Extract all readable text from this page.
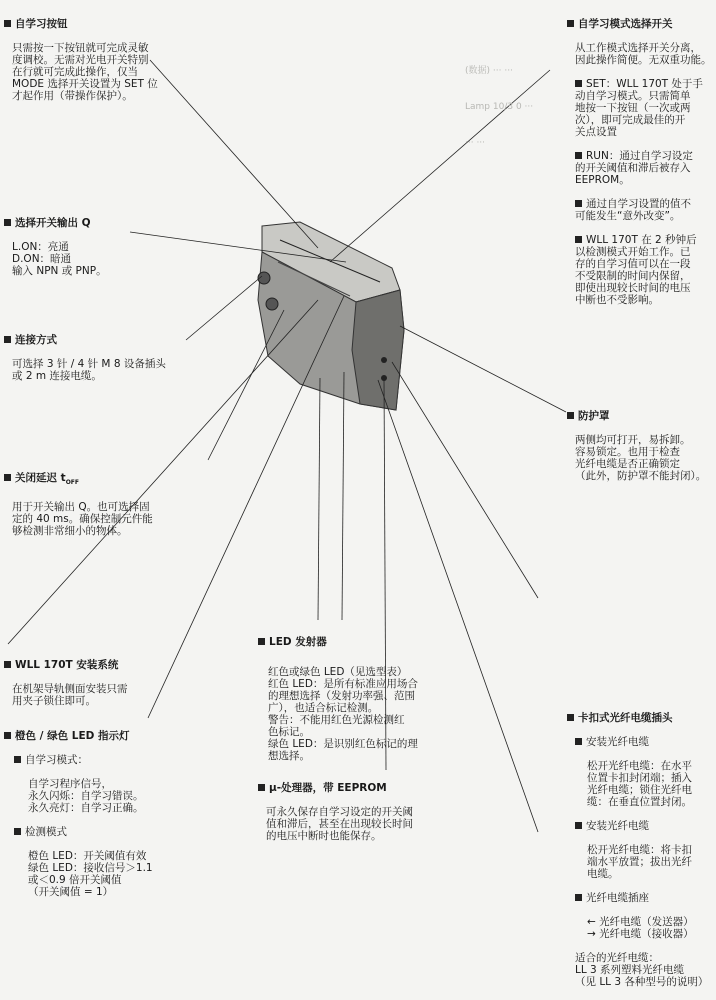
(数据) ··· ···

Lamp 10/3 0 ···

··· ···

自学习按钮

只需按一下按钮就可完成灵敏
度调校。无需对光电开关特别
在行就可完成此操作，仅当
MODE 选择开关设置为 SET 位
才起作用（带操作保护）。

选择开关输出 Q

L.ON：亮通
D.ON：暗通
输入 NPN 或 PNP。

连接方式

可选择 3 针 / 4 针 M 8 设备插头
或 2 m 连接电缆。

关闭延迟 $t_{OFF}$

用于开关输出 Q。也可选择固
定的 40 ms。确保控制元件能
够检测非常细小的物体。

WLL 170T 安装系统

在机架导轨侧面安装只需
用夹子锁住即可。

橙色 / 绿色 LED 指示灯

自学习模式：

自学习程序信号，
永久闪烁：自学习错误。
永久亮灯：自学习正确。

检测模式

橙色 LED：开关阈值有效
绿色 LED：接收信号＞1.1
或＜0.9 倍开关阈值
（开关阈值 = 1）

LED 发射器

红色或绿色 LED（见选型表）
红色 LED：是所有标准应用场合
的理想选择（发射功率强、范围
广），也适合标记检测。
警告：不能用红色光源检测红
色标记。
绿色 LED：是识别红色标记的理
想选择。

μ-处理器，带 EEPROM

可永久保存自学习设定的开关阈
值和滞后，甚至在出现较长时间
的电压中断时也能保存。

自学习模式选择开关

从工作模式选择开关分离，
因此操作简便。无双重功能。

SET：WLL 170T 处于手
动自学习模式。只需简单
地按一下按钮（一次或两
次），即可完成最佳的开
关点设置

RUN：通过自学习设定
的开关阈值和滞后被存入
EEPROM。

通过自学习设置的值不
可能发生“意外改变”。

WLL 170T 在 2 秒钟后
以检测模式开始工作。已
存的自学习值可以在一段
不受限制的时间内保留，
即使出现较长时间的电压
中断也不受影响。

防护罩

两侧均可打开，易拆卸。
容易锁定。也用于检查
光纤电缆是否正确锁定
（此外，防护罩不能封闭）。

卡扣式光纤电缆插头

安装光纤电缆

松开光纤电缆：在水平
位置卡扣封闭端；插入
光纤电缆；锁住光纤电
缆：在垂直位置封闭。

安装光纤电缆

松开光纤电缆：将卡扣
端水平放置；拔出光纤
电缆。

光纤电缆插座

← 光纤电缆（发送器）
→ 光纤电缆（接收器）

适合的光纤电缆：
LL 3 系列塑料光纤电缆
（见 LL 3 各种型号的说明）
